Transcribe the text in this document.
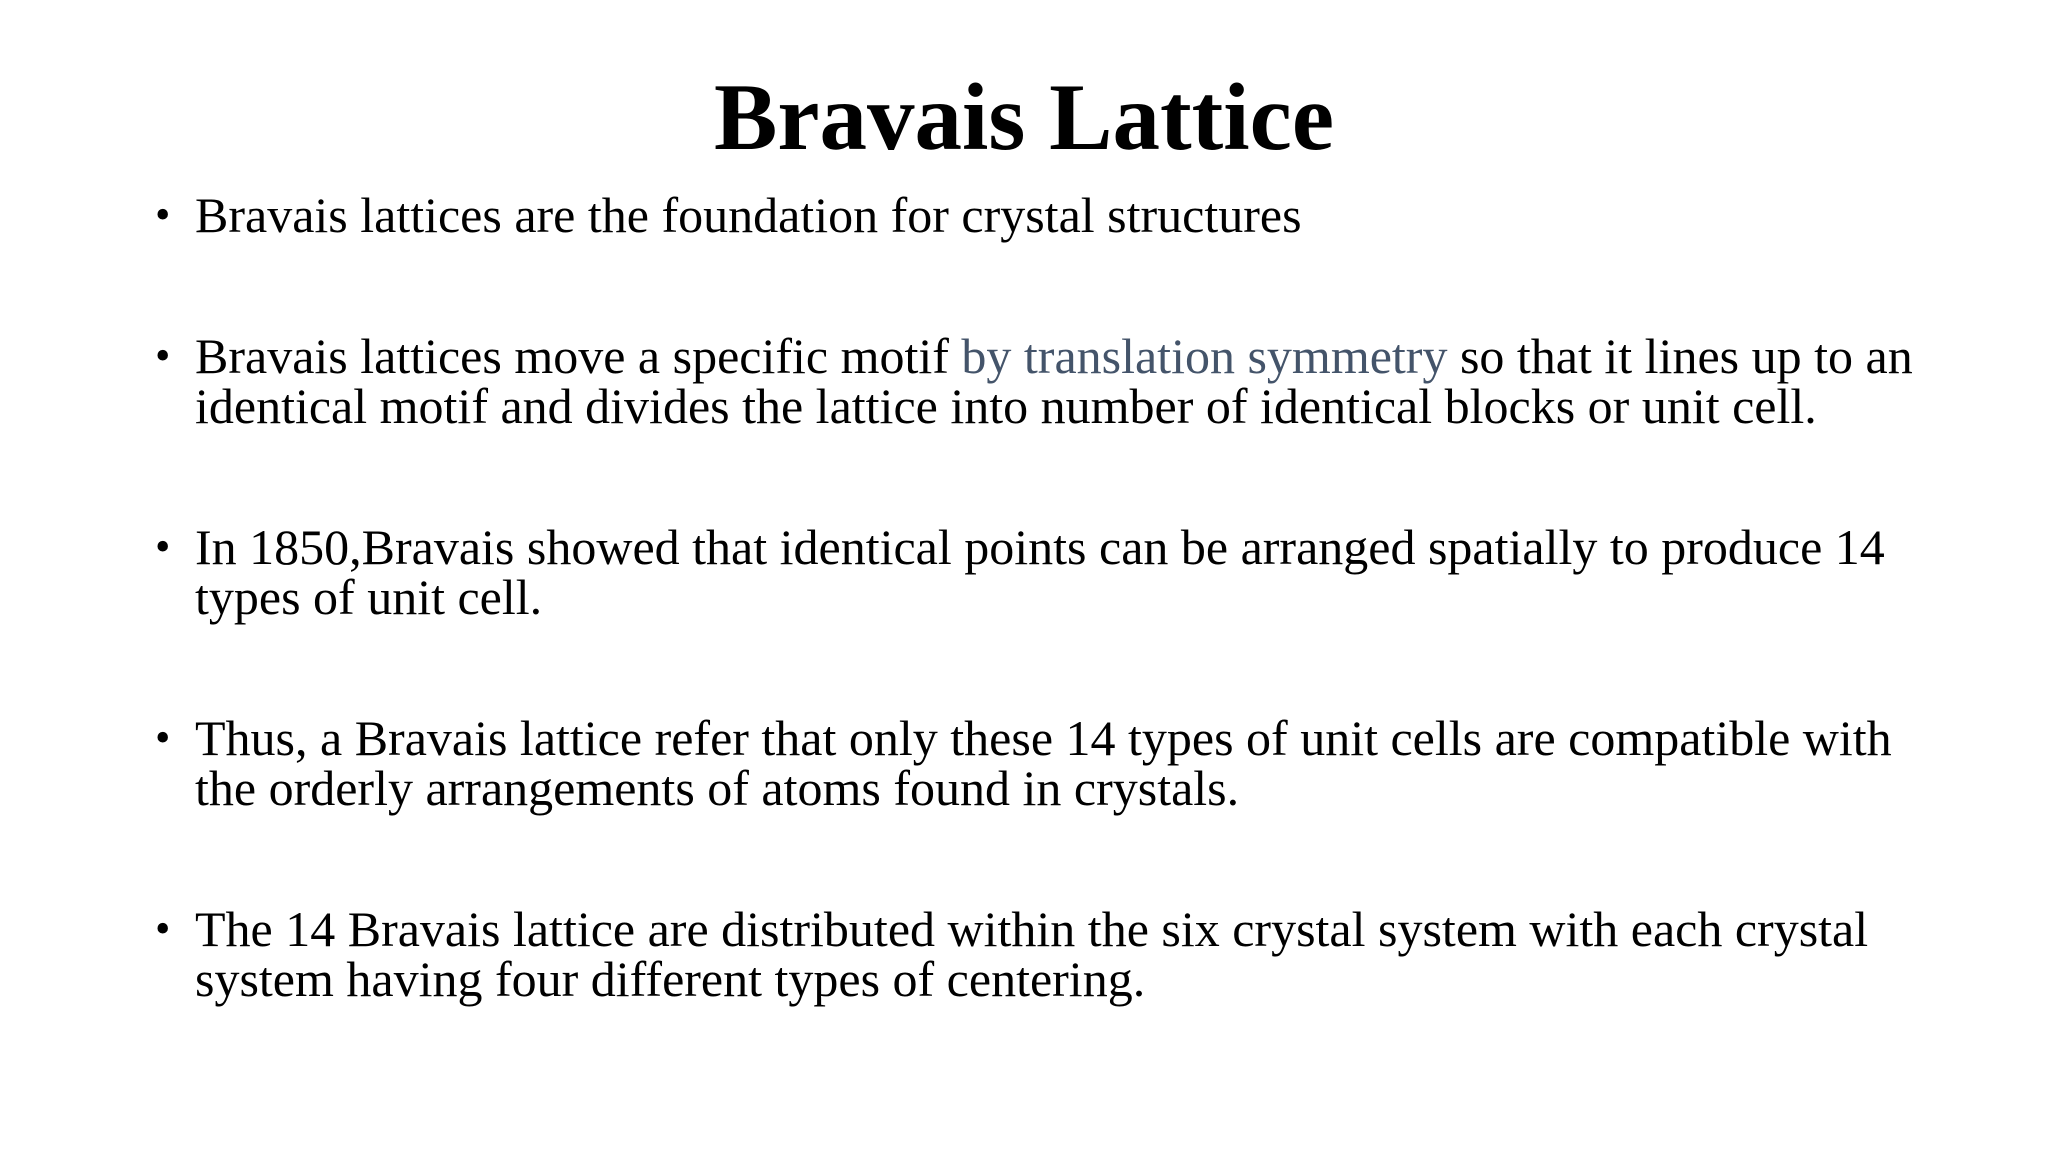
Bravais Lattice
• Bravais lattices are the foundation for crystal structures
• Bravais lattices move a specific motif by translation symmetry so that it lines up to an identical motif and divides the lattice into number of identical blocks or unit cell.
• In 1850,Bravais showed that identical points can be arranged spatially to produce 14 types of unit cell.
• Thus, a Bravais lattice refer that only these 14 types of unit cells are compatible with the orderly arrangements of atoms found in crystals.
• The 14 Bravais lattice are distributed within the six crystal system with each crystal system having four different types of centering.
